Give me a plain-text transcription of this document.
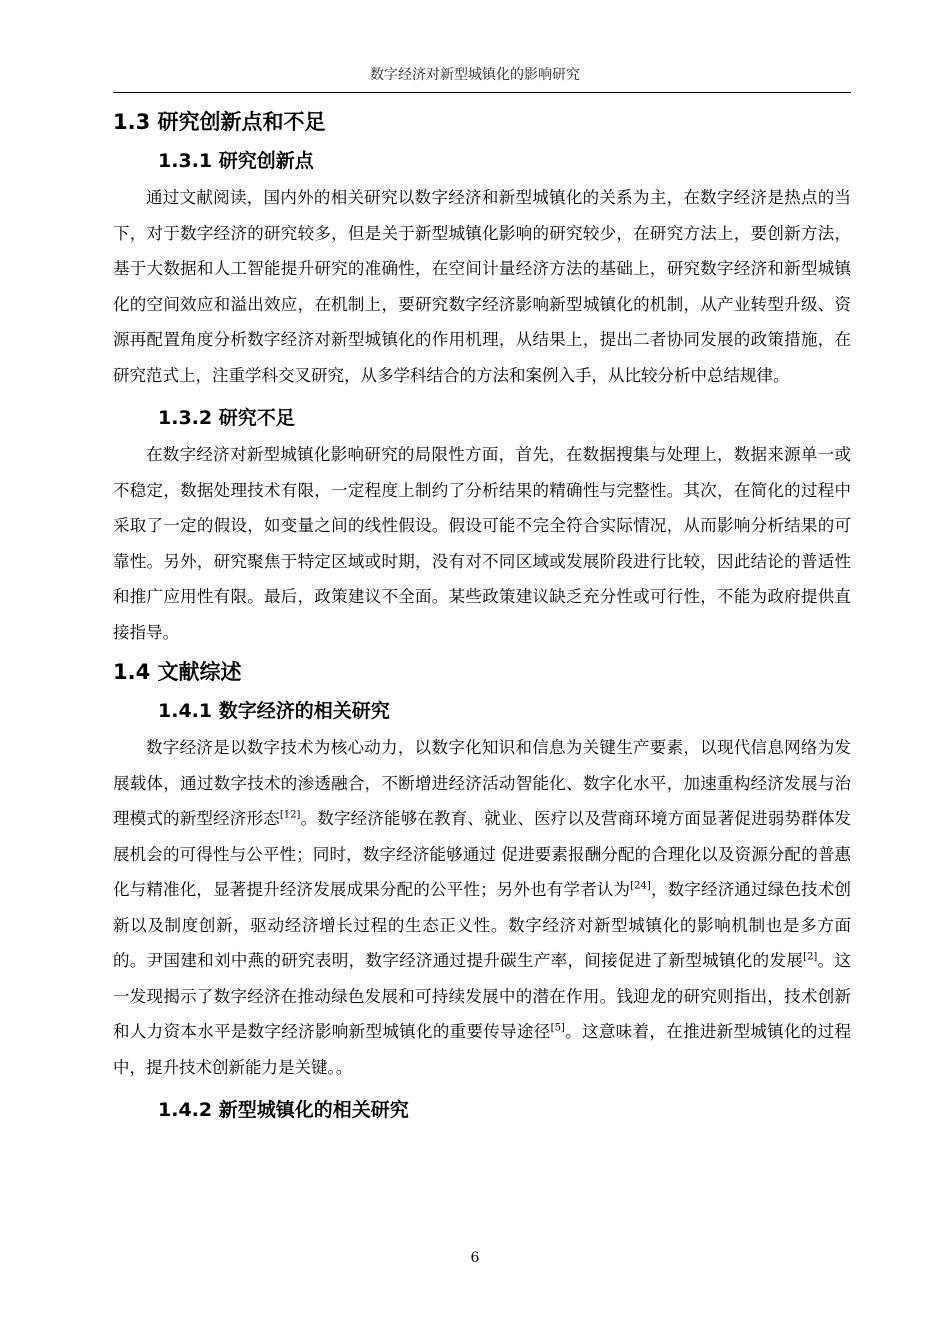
数字经济对新型城镇化的影响研究
1.3 研究创新点和不足
1.3.1 研究创新点

通过文献阅读，国内外的相关研究以数字经济和新型城镇化的关系为主，在数字经济是热点的当下，对于数字经济的研究较多，但是关于新型城镇化影响的研究较少，在研究方法上，要创新方法，基于大数据和人工智能提升研究的准确性，在空间计量经济方法的基础上，研究数字经济和新型城镇化的空间效应和溢出效应，在机制上，要研究数字经济影响新型城镇化的机制，从产业转型升级、资源再配置角度分析数字经济对新型城镇化的作用机理，从结果上，提出二者协同发展的政策措施，在研究范式上，注重学科交叉研究，从多学科结合的方法和案例入手，从比较分析中总结规律。

1.3.2 研究不足

在数字经济对新型城镇化影响研究的局限性方面，首先，在数据搜集与处理上，数据来源单一或不稳定，数据处理技术有限，一定程度上制约了分析结果的精确性与完整性。其次，在简化的过程中采取了一定的假设，如变量之间的线性假设。假设可能不完全符合实际情况，从而影响分析结果的可靠性。另外，研究聚焦于特定区域或时期，没有对不同区域或发展阶段进行比较，因此结论的普适性和推广应用性有限。最后，政策建议不全面。某些政策建议缺乏充分性或可行性，不能为政府提供直接指导。

1.4 文献综述
1.4.1 数字经济的相关研究

数字经济是以数字技术为核心动力，以数字化知识和信息为关键生产要素，以现代信息网络为发展载体，通过数字技术的渗透融合，不断增进经济活动智能化、数字化水平，加速重构经济发展与治理模式的新型经济形态[12]。数字经济能够在教育、就业、医疗以及营商环境方面显著促进弱势群体发展机会的可得性与公平性；同时，数字经济能够通过 促进要素报酬分配的合理化以及资源分配的普惠化与精准化，显著提升经济发展成果分配的公平性；另外也有学者认为[24]，数字经济通过绿色技术创新以及制度创新，驱动经济增长过程的生态正义性。数字经济对新型城镇化的影响机制也是多方面的。尹国建和刘中燕的研究表明，数字经济通过提升碳生产率，间接促进了新型城镇化的发展[2]。这一发现揭示了数字经济在推动绿色发展和可持续发展中的潜在作用。钱迎龙的研究则指出，技术创新和人力资本水平是数字经济影响新型城镇化的重要传导途径[5]。这意味着，在推进新型城镇化的过程中，提升技术创新能力是关键。。

1.4.2 新型城镇化的相关研究
6
